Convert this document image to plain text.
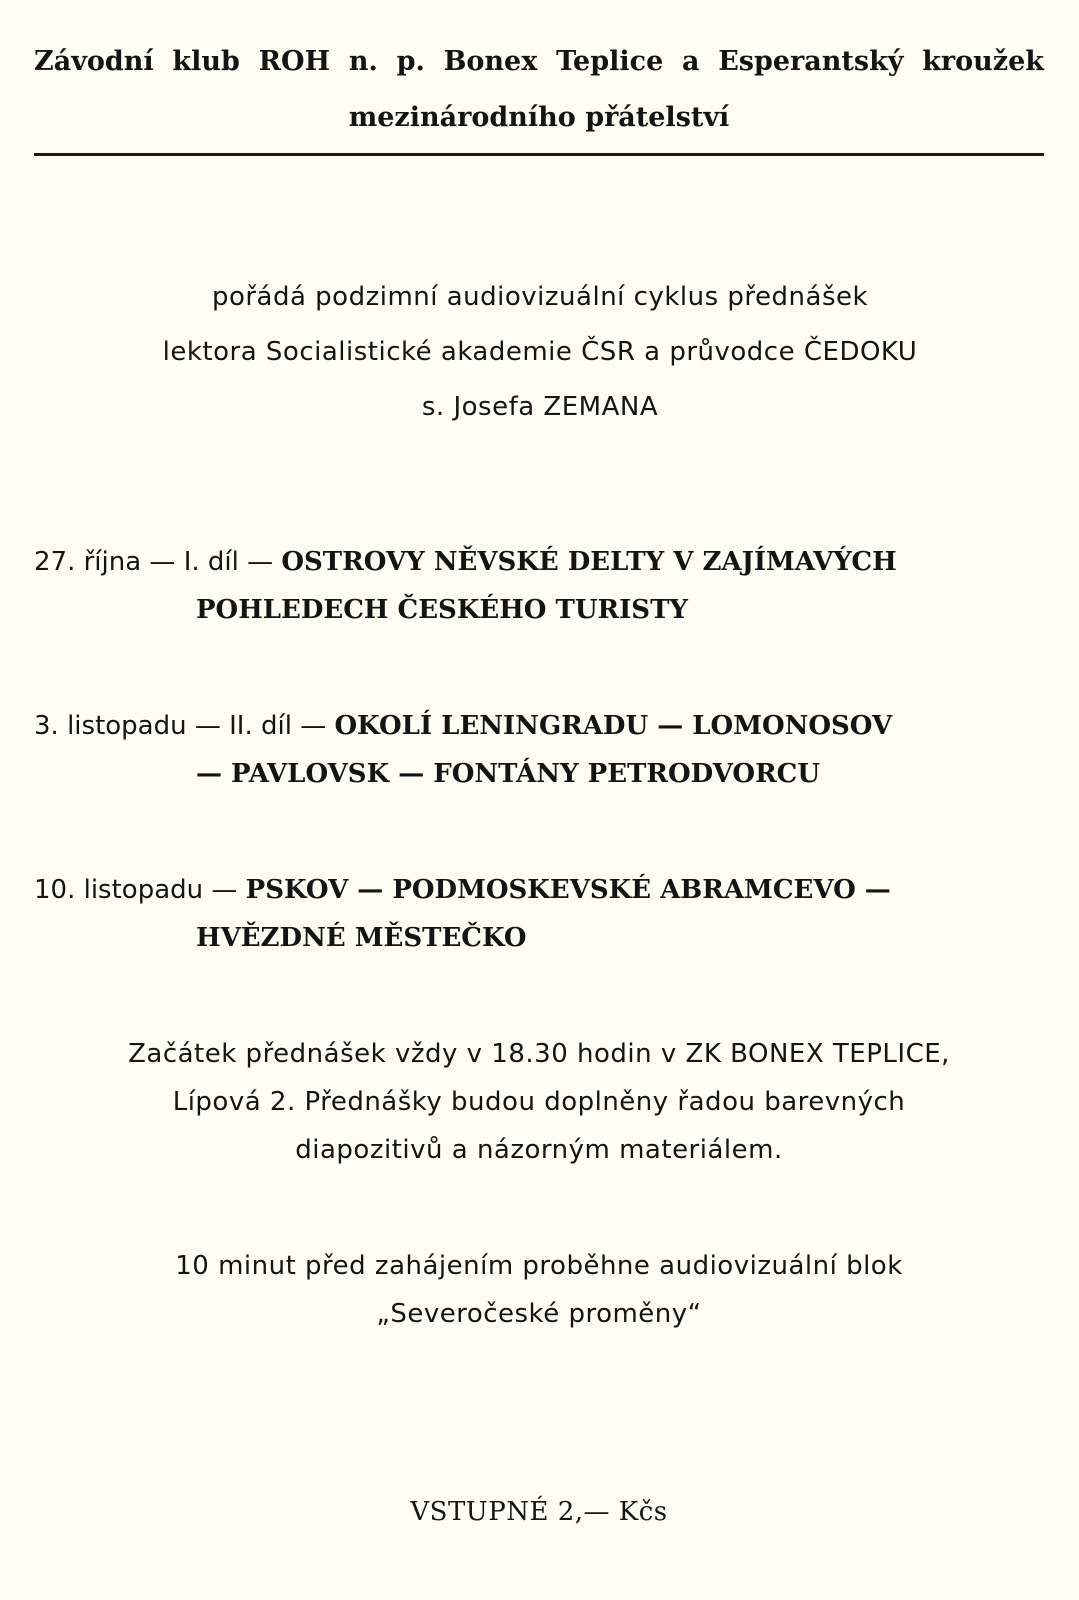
Závodní klub ROH n. p. Bonex Teplice a Esperantský kroužek
mezinárodního přátelství
pořádá podzimní audiovizuální cyklus přednášek
lektora Socialistické akademie ČSR a průvodce ČEDOKU
s. Josefa ZEMANA
27. října — I. díl — OSTROVY NĚVSKÉ DELTY V ZAJÍMAVÝCH
POHLEDECH ČESKÉHO TURISTY
3. listopadu — II. díl — OKOLÍ LENINGRADU — LOMONOSOV
— PAVLOVSK — FONTÁNY PETRODVORCU
10. listopadu — PSKOV — PODMOSKEVSKÉ ABRAMCEVO —
HVĚZDNÉ MĚSTEČKO
Začátek přednášek vždy v 18.30 hodin v ZK BONEX TEPLICE,
Lípová 2. Přednášky budou doplněny řadou barevných
diapozitivů a názorným materiálem.
10 minut před zahájením proběhne audiovizuální blok
„Severočeské proměny“
VSTUPNÉ 2,— Kčs
